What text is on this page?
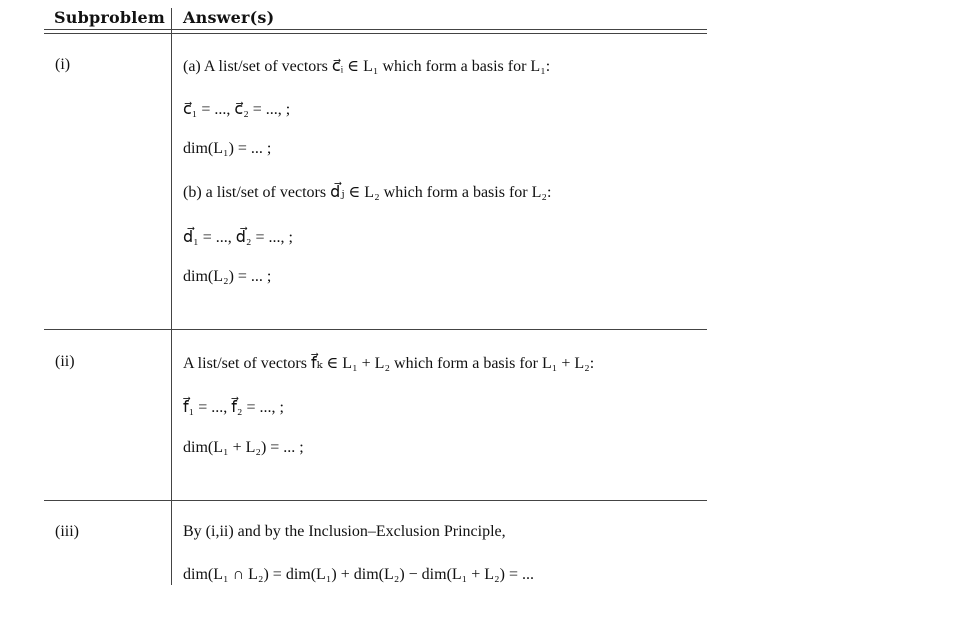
Subproblem Answer(s)
(i)	(a) A list/set of vectors c⃗ᵢ ∈ L₁ which form a basis for L₁:
c⃗₁ = ..., c⃗₂ = ..., ;
dim(L₁) = ... ;
(b) a list/set of vectors d⃗ⱼ ∈ L₂ which form a basis for L₂:
d⃗₁ = ..., d⃗₂ = ..., ;
dim(L₂) = ... ;
(ii)	A list/set of vectors f⃗ₖ ∈ L₁ + L₂ which form a basis for L₁ + L₂:
f⃗₁ = ..., f⃗₂ = ..., ;
dim(L₁ + L₂) = ... ;
(iii)	By (i,ii) and by the Inclusion–Exclusion Principle,
dim(L₁ ∩ L₂) = dim(L₁) + dim(L₂) − dim(L₁ + L₂) = ...
